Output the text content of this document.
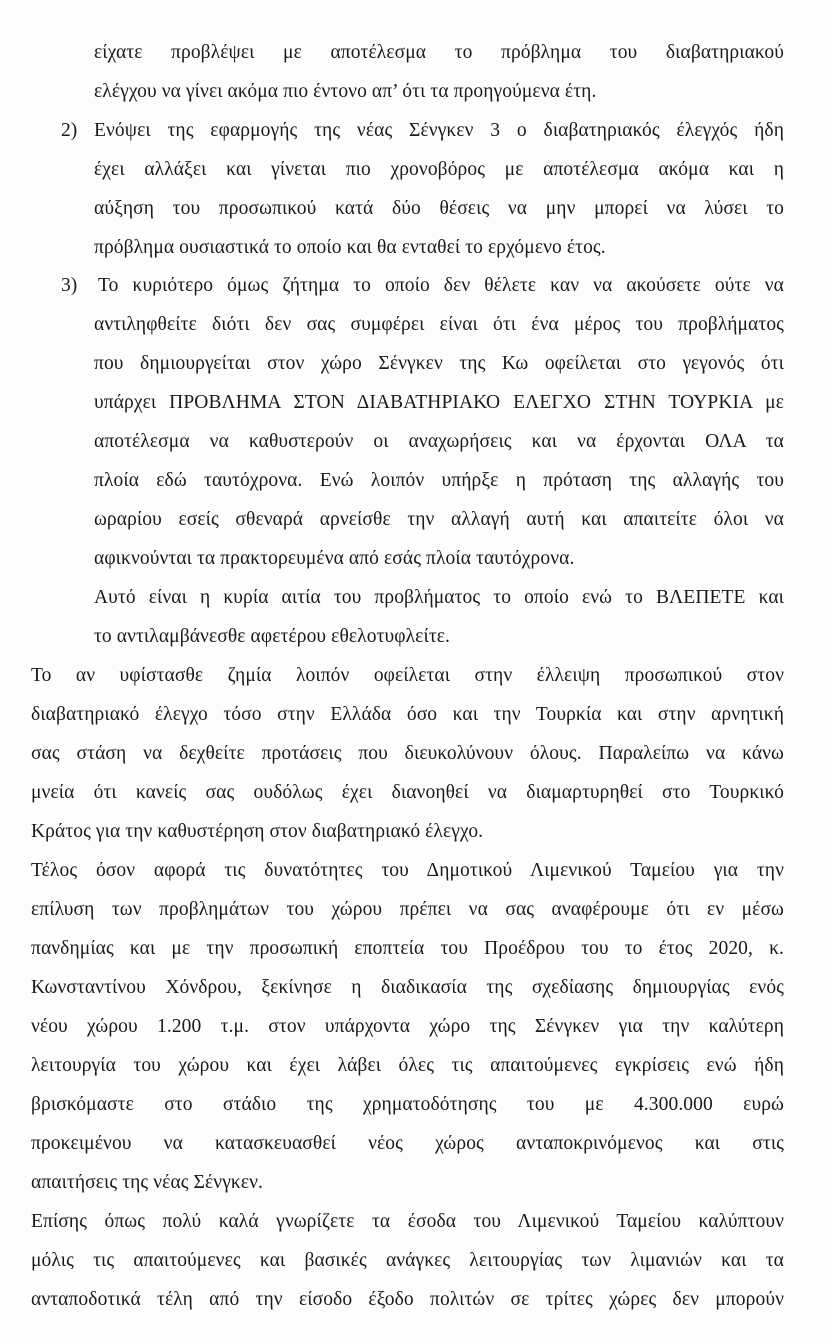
είχατε προβλέψει με αποτέλεσμα το πρόβλημα του διαβατηριακού
ελέγχου να γίνει ακόμα πιο έντονο απ’ ότι τα προηγούμενα έτη.
2) Ενόψει της εφαρμογής της νέας Σένγκεν 3 ο διαβατηριακός έλεγχός ήδη
έχει αλλάξει και γίνεται πιο χρονοβόρος με αποτέλεσμα ακόμα και η
αύξηση του προσωπικού κατά δύο θέσεις να μην μπορεί να λύσει το
πρόβλημα ουσιαστικά το οποίο και θα ενταθεί το ερχόμενο έτος.
3) Το κυριότερο όμως ζήτημα το οποίο δεν θέλετε καν να ακούσετε ούτε να
αντιληφθείτε διότι δεν σας συμφέρει είναι ότι ένα μέρος του προβλήματος
που δημιουργείται στον χώρο Σένγκεν της Κω οφείλεται στο γεγονός ότι
υπάρχει ΠΡΟΒΛΗΜΑ ΣΤΟΝ ΔΙΑΒΑΤΗΡΙΑΚΟ ΕΛΕΓΧΟ ΣΤΗΝ ΤΟΥΡΚΙΑ με
αποτέλεσμα να καθυστερούν οι αναχωρήσεις και να έρχονται ΟΛΑ τα
πλοία εδώ ταυτόχρονα. Ενώ λοιπόν υπήρξε η πρόταση της αλλαγής του
ωραρίου εσείς σθεναρά αρνείσθε την αλλαγή αυτή και απαιτείτε όλοι να
αφικνούνται τα πρακτορευμένα από εσάς πλοία ταυτόχρονα.
Αυτό είναι η κυρία αιτία του προβλήματος το οποίο ενώ το ΒΛΕΠΕΤΕ και
το αντιλαμβάνεσθε αφετέρου εθελοτυφλείτε.
Το αν υφίστασθε ζημία λοιπόν οφείλεται στην έλλειψη προσωπικού στον
διαβατηριακό έλεγχο τόσο στην Ελλάδα όσο και την Τουρκία και στην αρνητική
σας στάση να δεχθείτε προτάσεις που διευκολύνουν όλους. Παραλείπω να κάνω
μνεία ότι κανείς σας ουδόλως έχει διανοηθεί να διαμαρτυρηθεί στο Τουρκικό
Κράτος για την καθυστέρηση στον διαβατηριακό έλεγχο.
Τέλος όσον αφορά τις δυνατότητες του Δημοτικού Λιμενικού Ταμείου για την
επίλυση των προβλημάτων του χώρου πρέπει να σας αναφέρουμε ότι εν μέσω
πανδημίας και με την προσωπική εποπτεία του Προέδρου του το έτος 2020, κ.
Κωνσταντίνου Χόνδρου, ξεκίνησε η διαδικασία της σχεδίασης δημιουργίας ενός
νέου χώρου 1.200 τ.μ. στον υπάρχοντα χώρο της Σένγκεν για την καλύτερη
λειτουργία του χώρου και έχει λάβει όλες τις απαιτούμενες εγκρίσεις ενώ ήδη
βρισκόμαστε στο στάδιο της χρηματοδότησης του με 4.300.000 ευρώ
προκειμένου να κατασκευασθεί νέος χώρος ανταποκρινόμενος και στις
απαιτήσεις της νέας Σένγκεν.
Επίσης όπως πολύ καλά γνωρίζετε τα έσοδα του Λιμενικού Ταμείου καλύπτουν
μόλις τις απαιτούμενες και βασικές ανάγκες λειτουργίας των λιμανιών και τα
ανταποδοτικά τέλη από την είσοδο έξοδο πολιτών σε τρίτες χώρες δεν μπορούν
